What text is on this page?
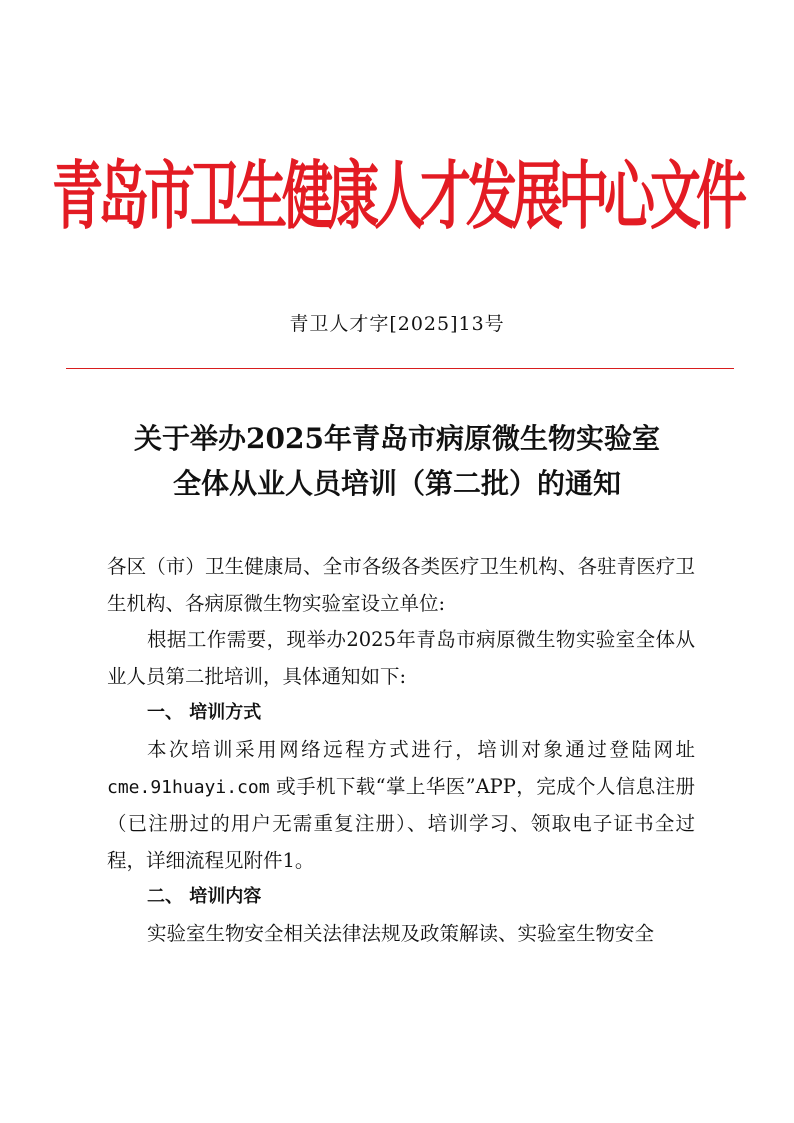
青岛市卫生健康人才发展中心文件
青卫人才字[2025]13号
关于举办2025年青岛市病原微生物实验室
全体从业人员培训（第二批）的通知

各区（市）卫生健康局、全市各级各类医疗卫生机构、各驻青医疗卫生机构、各病原微生物实验室设立单位:

根据工作需要，现举办2025年青岛市病原微生物实验室全体从业人员第二批培训，具体通知如下:

一、 培训方式

本次培训采用网络远程方式进行，培训对象通过登陆网址cme.91huayi.com 或手机下载“掌上华医”APP，完成个人信息注册（已注册过的用户无需重复注册）、培训学习、领取电子证书全过程，详细流程见附件1。

二、 培训内容

实验室生物安全相关法律法规及政策解读、实验室生物安全
